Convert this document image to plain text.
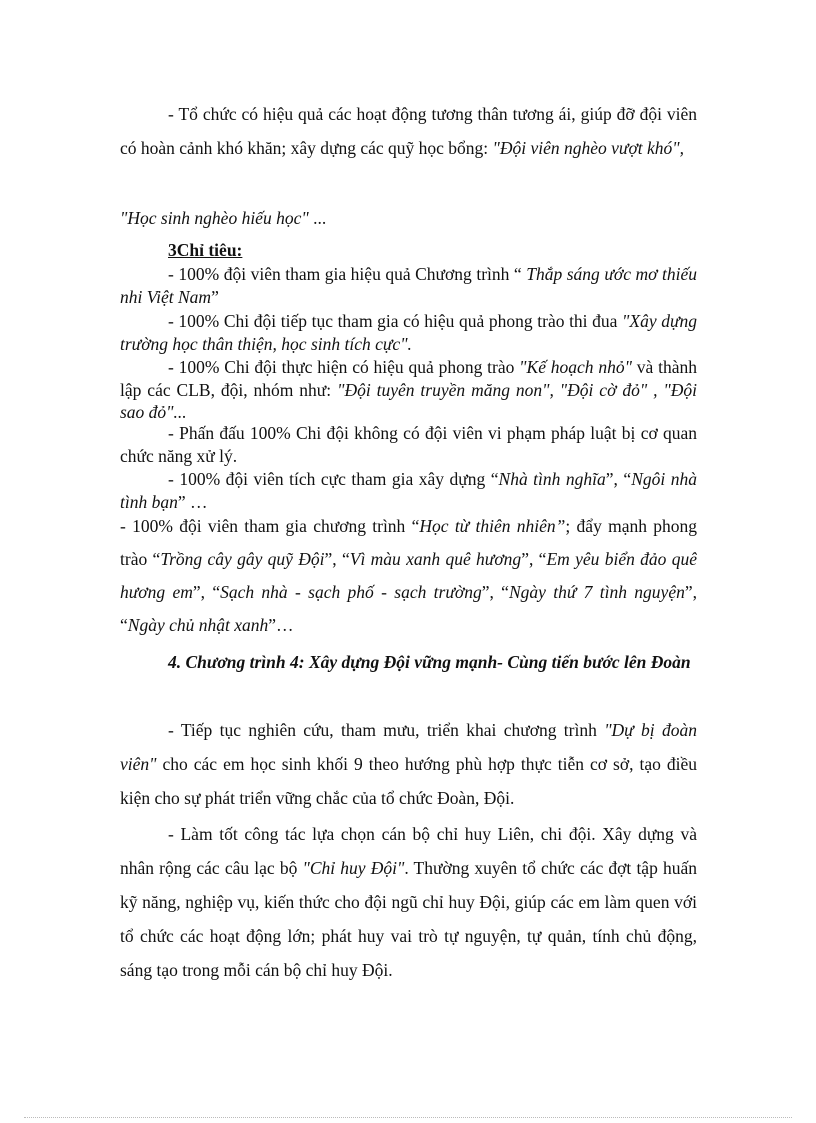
- Tổ chức có hiệu quả các hoạt động tương thân tương ái, giúp đỡ đội viên có hoàn cảnh khó khăn; xây dựng các quỹ học bổng: "Đội viên nghèo vượt khó",

"Học sinh nghèo hiếu học" ...

3Chỉ tiêu:

- 100% đội viên tham gia hiệu quả Chương trình “ Thắp sáng ước mơ thiếu nhi Việt Nam”

- 100% Chi đội tiếp tục tham gia có hiệu quả phong trào thi đua "Xây dựng trường học thân thiện, học sinh tích cực".

- 100% Chi đội thực hiện có hiệu quả phong trào "Kế hoạch nhỏ" và thành lập các CLB, đội, nhóm như: "Đội tuyên truyền măng non", "Đội cờ đỏ" , "Đội sao đỏ"...

- Phấn đấu 100% Chi đội không có đội viên vi phạm pháp luật bị cơ quan chức năng xử lý.

- 100% đội viên tích cực tham gia xây dựng “Nhà tình nghĩa”, “Ngôi nhà tình bạn” …

- 100% đội viên tham gia chương trình “Học từ thiên nhiên”; đẩy mạnh phong trào “Trồng cây gây quỹ Đội”, “Vì màu xanh quê hương”, “Em yêu biển đảo quê hương em”, “Sạch nhà - sạch phố - sạch trường”, “Ngày thứ 7 tình nguyện”, “Ngày chủ nhật xanh”…

4. Chương trình 4: Xây dựng Đội vững mạnh- Cùng tiến bước lên Đoàn

- Tiếp tục nghiên cứu, tham mưu, triển khai chương trình "Dự bị đoàn viên" cho các em học sinh khối 9 theo hướng phù hợp thực tiễn cơ sở, tạo điều kiện cho sự phát triển vững chắc của tổ chức Đoàn, Đội.

- Làm tốt công tác lựa chọn cán bộ chỉ huy Liên, chi đội. Xây dựng và nhân rộng các câu lạc bộ "Chỉ huy Đội". Thường xuyên tổ chức các đợt tập huấn kỹ năng, nghiệp vụ, kiến thức cho đội ngũ chỉ huy Đội, giúp các em làm quen với tổ chức các hoạt động lớn; phát huy vai trò tự nguyện, tự quản, tính chủ động, sáng tạo trong mỗi cán bộ chỉ huy Đội.
